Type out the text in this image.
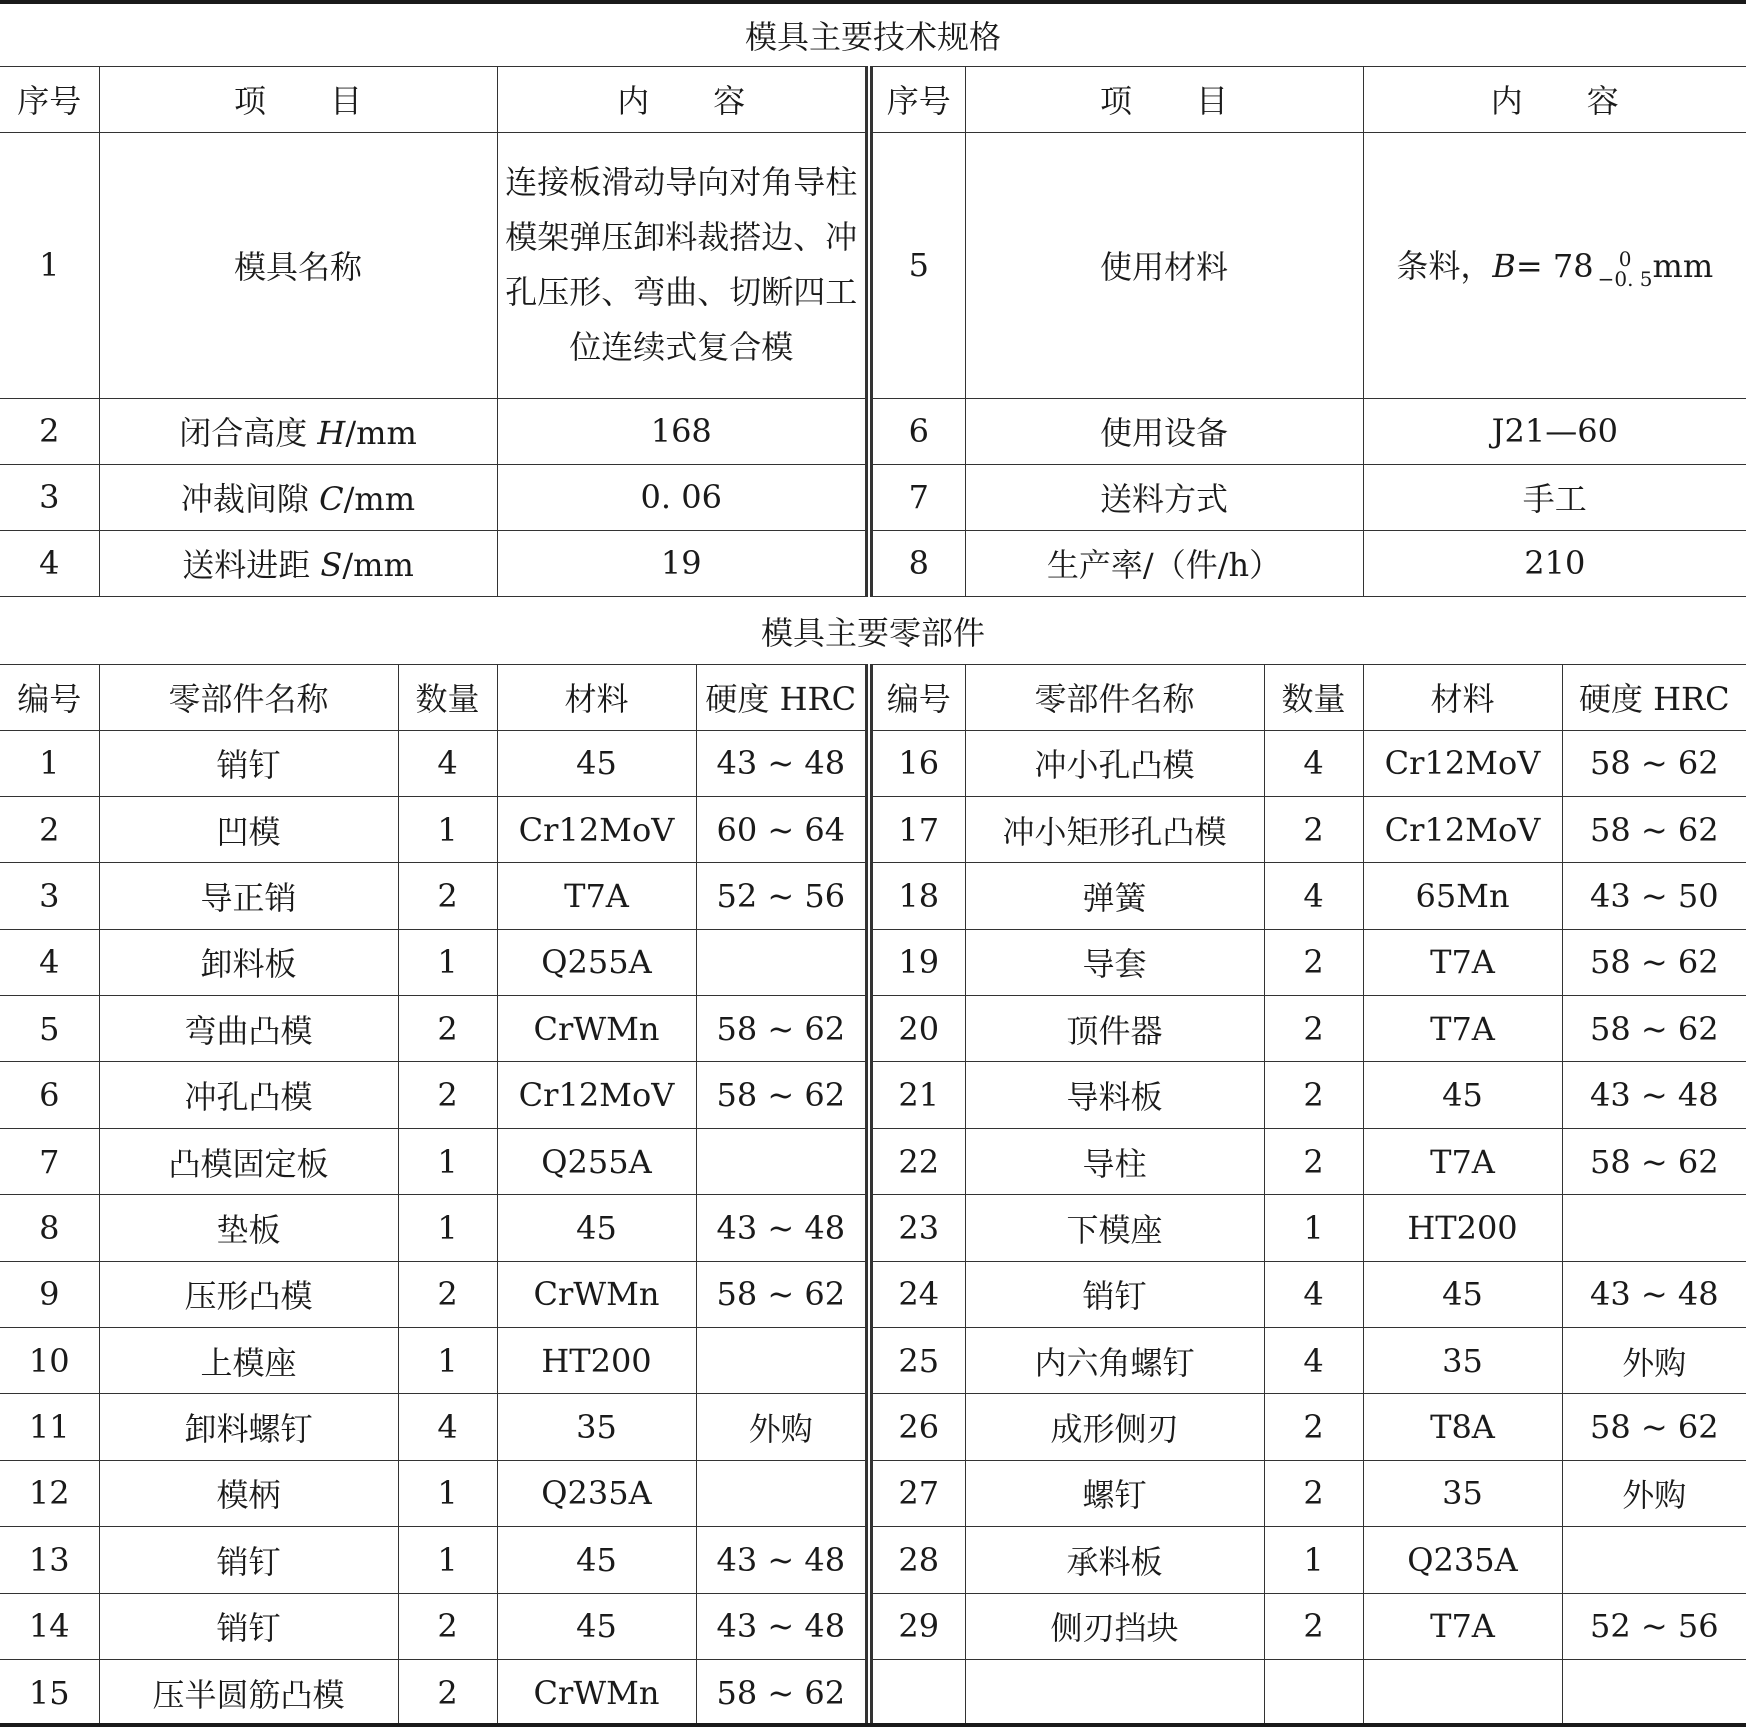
模具主要技术规格					
序号	项　　目	内　　容	序号	项　　目	内　　容
1	模具名称	连接板滑动导向对角导柱模架弹压卸料裁搭边、冲孔压形、弯曲、切断四工位连续式复合模	5	使用材料	条料，B= 78 0
−0. 5 mm
2	闭合高度 H/mm	168	6	使用设备	J21—60
3	冲裁间隙 C/mm	0. 06	7	送料方式	手工
4	送料进距 S/mm	19	8	生产率/（件/h）	210
模具主要零部件									
编号	零部件名称	数量	材料	硬度 HRC	编号	零部件名称	数量	材料	硬度 HRC
1	销钉	4	45	43 ~ 48	16	冲小孔凸模	4	Cr12MoV	58 ~ 62
2	凹模	1	Cr12MoV	60 ~ 64	17	冲小矩形孔凸模	2	Cr12MoV	58 ~ 62
3	导正销	2	T7A	52 ~ 56	18	弹簧	4	65Mn	43 ~ 50
4	卸料板	1	Q255A		19	导套	2	T7A	58 ~ 62
5	弯曲凸模	2	CrWMn	58 ~ 62	20	顶件器	2	T7A	58 ~ 62
6	冲孔凸模	2	Cr12MoV	58 ~ 62	21	导料板	2	45	43 ~ 48
7	凸模固定板	1	Q255A		22	导柱	2	T7A	58 ~ 62
8	垫板	1	45	43 ~ 48	23	下模座	1	HT200	
9	压形凸模	2	CrWMn	58 ~ 62	24	销钉	4	45	43 ~ 48
10	上模座	1	HT200		25	内六角螺钉	4	35	外购
11	卸料螺钉	4	35	外购	26	成形侧刃	2	T8A	58 ~ 62
12	模柄	1	Q235A		27	螺钉	2	35	外购
13	销钉	1	45	43 ~ 48	28	承料板	1	Q235A	
14	销钉	2	45	43 ~ 48	29	侧刃挡块	2	T7A	52 ~ 56
15	压半圆筋凸模	2	CrWMn	58 ~ 62					
